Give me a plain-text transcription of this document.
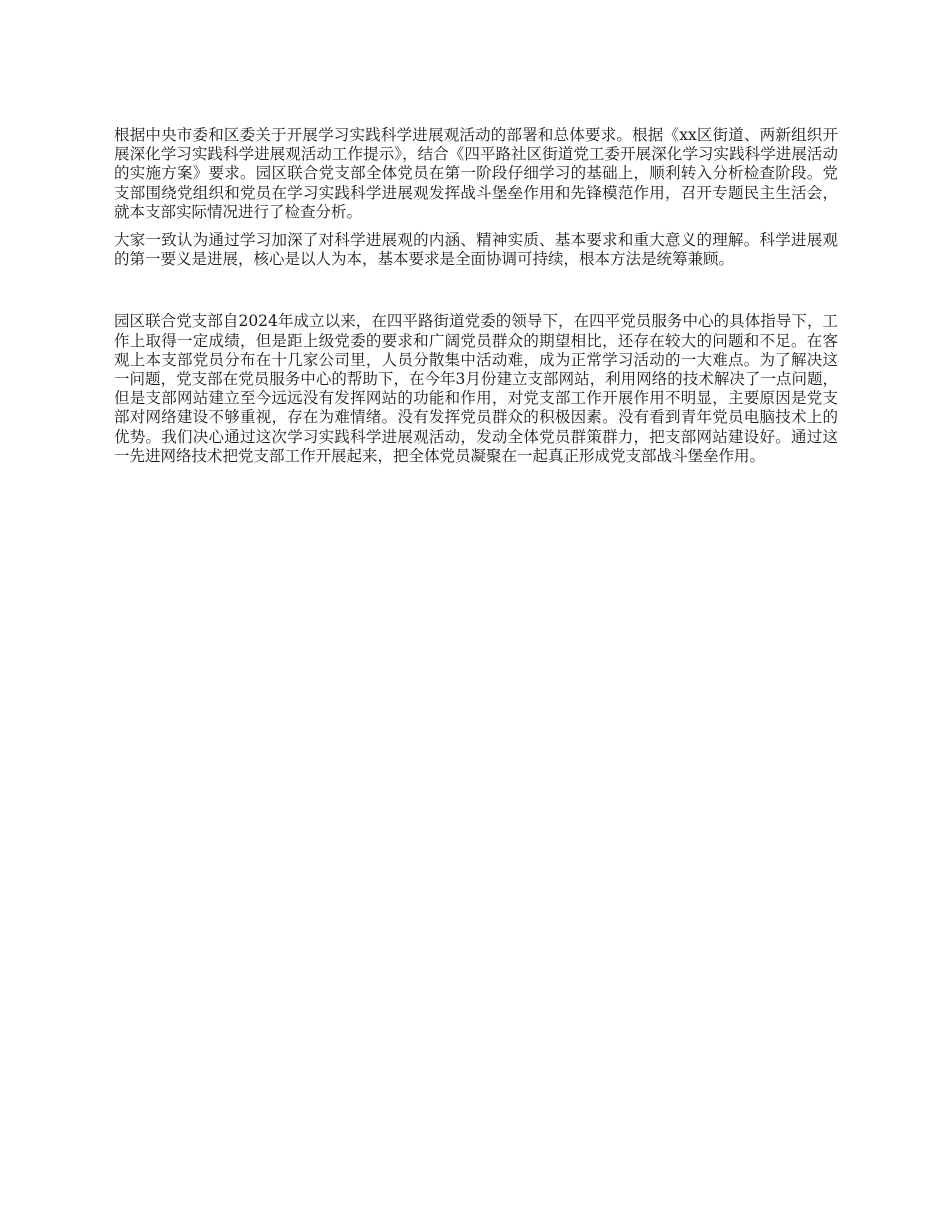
根据中央市委和区委关于开展学习实践科学进展观活动的部署和总体要求。根据《xx区街道、两新组织开展深化学习实践科学进展观活动工作提示》，结合《四平路社区街道党工委开展深化学习实践科学进展活动的实施方案》要求。园区联合党支部全体党员在第一阶段仔细学习的基础上，顺利转入分析检查阶段。党支部围绕党组织和党员在学习实践科学进展观发挥战斗堡垒作用和先锋模范作用，召开专题民主生活会，就本支部实际情况进行了检查分析。

大家一致认为通过学习加深了对科学进展观的内涵、精神实质、基本要求和重大意义的理解。科学进展观的第一要义是进展，核心是以人为本，基本要求是全面协调可持续，根本方法是统筹兼顾。

园区联合党支部自2024年成立以来，在四平路街道党委的领导下，在四平党员服务中心的具体指导下，工作上取得一定成绩，但是距上级党委的要求和广阔党员群众的期望相比，还存在较大的问题和不足。在客观上本支部党员分布在十几家公司里，人员分散集中活动难，成为正常学习活动的一大难点。为了解决这一问题，党支部在党员服务中心的帮助下，在今年3月份建立支部网站，利用网络的技术解决了一点问题，但是支部网站建立至今远远没有发挥网站的功能和作用，对党支部工作开展作用不明显，主要原因是党支部对网络建设不够重视，存在为难情绪。没有发挥党员群众的积极因素。没有看到青年党员电脑技术上的优势。我们决心通过这次学习实践科学进展观活动，发动全体党员群策群力，把支部网站建设好。通过这一先进网络技术把党支部工作开展起来，把全体党员凝聚在一起真正形成党支部战斗堡垒作用。
